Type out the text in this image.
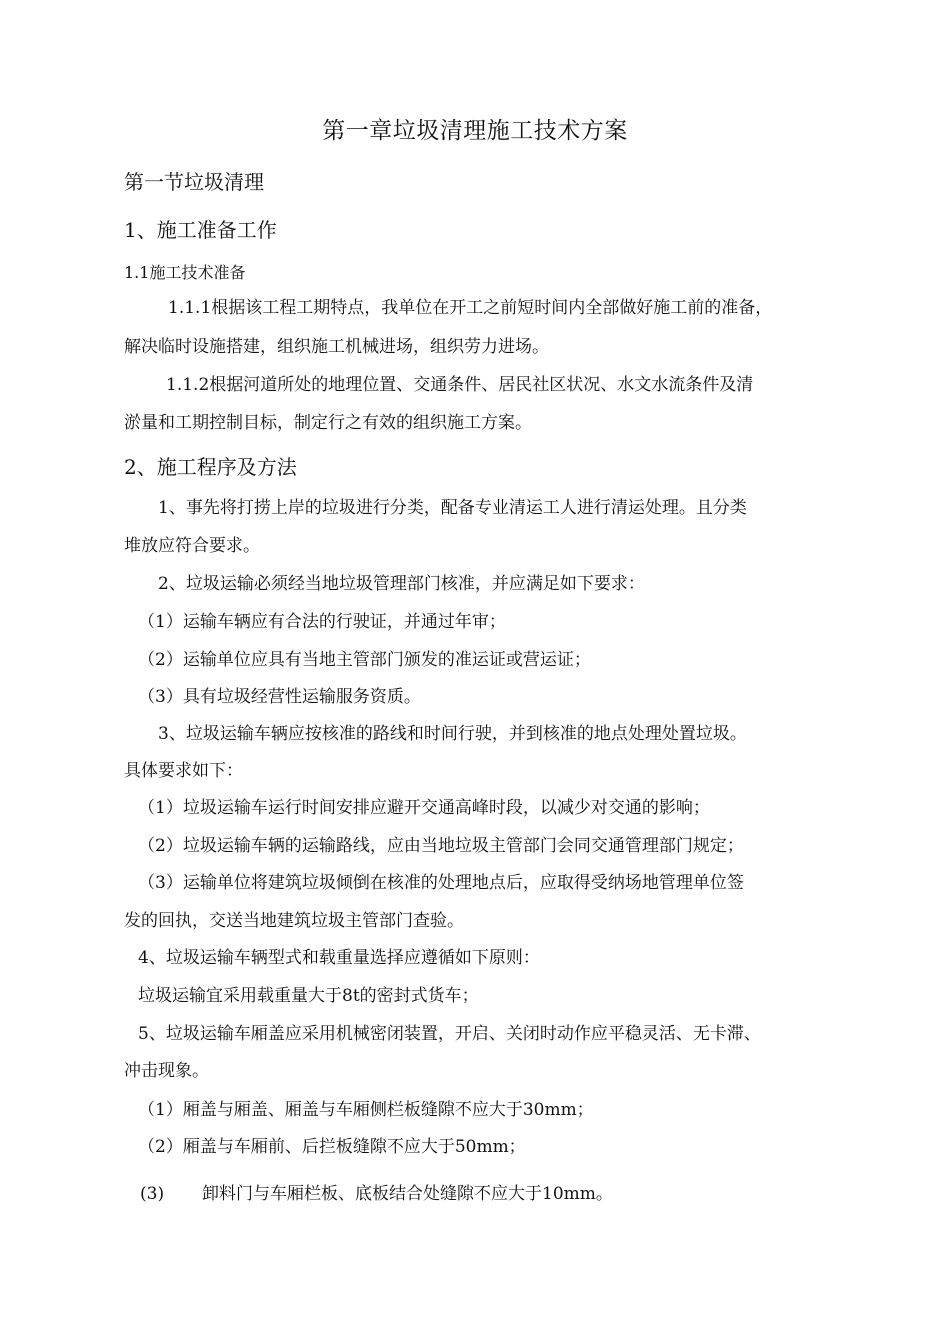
第一章垃圾清理施工技术方案
第一节垃圾清理
1、施工准备工作
1.1施工技术准备
1.1.1根据该工程工期特点，我单位在开工之前短时间内全部做好施工前的准备，
解决临时设施搭建，组织施工机械进场，组织劳力进场。
1.1.2根据河道所处的地理位置、交通条件、居民社区状况、水文水流条件及清
淤量和工期控制目标，制定行之有效的组织施工方案。
2、施工程序及方法
1、事先将打捞上岸的垃圾进行分类，配备专业清运工人进行清运处理。且分类
堆放应符合要求。
2、垃圾运输必须经当地垃圾管理部门核准，并应满足如下要求：
（1）运输车辆应有合法的行驶证，并通过年审；
（2）运输单位应具有当地主管部门颁发的准运证或营运证；
（3）具有垃圾经营性运输服务资质。
3、垃圾运输车辆应按核准的路线和时间行驶，并到核准的地点处理处置垃圾。
具体要求如下：
（1）垃圾运输车运行时间安排应避开交通高峰时段，以减少对交通的影响；
（2）垃圾运输车辆的运输路线，应由当地垃圾主管部门会同交通管理部门规定；
（3）运输单位将建筑垃圾倾倒在核准的处理地点后，应取得受纳场地管理单位签
发的回执，交送当地建筑垃圾主管部门查验。
4、垃圾运输车辆型式和载重量选择应遵循如下原则：
垃圾运输宜采用载重量大于8t的密封式货车；
5、垃圾运输车厢盖应采用机械密闭装置，开启、关闭时动作应平稳灵活、无卡滞、
冲击现象。
（1）厢盖与厢盖、厢盖与车厢侧栏板缝隙不应大于30mm；
（2）厢盖与车厢前、后拦板缝隙不应大于50mm；
(3) 卸料门与车厢栏板、底板结合处缝隙不应大于10mm。
